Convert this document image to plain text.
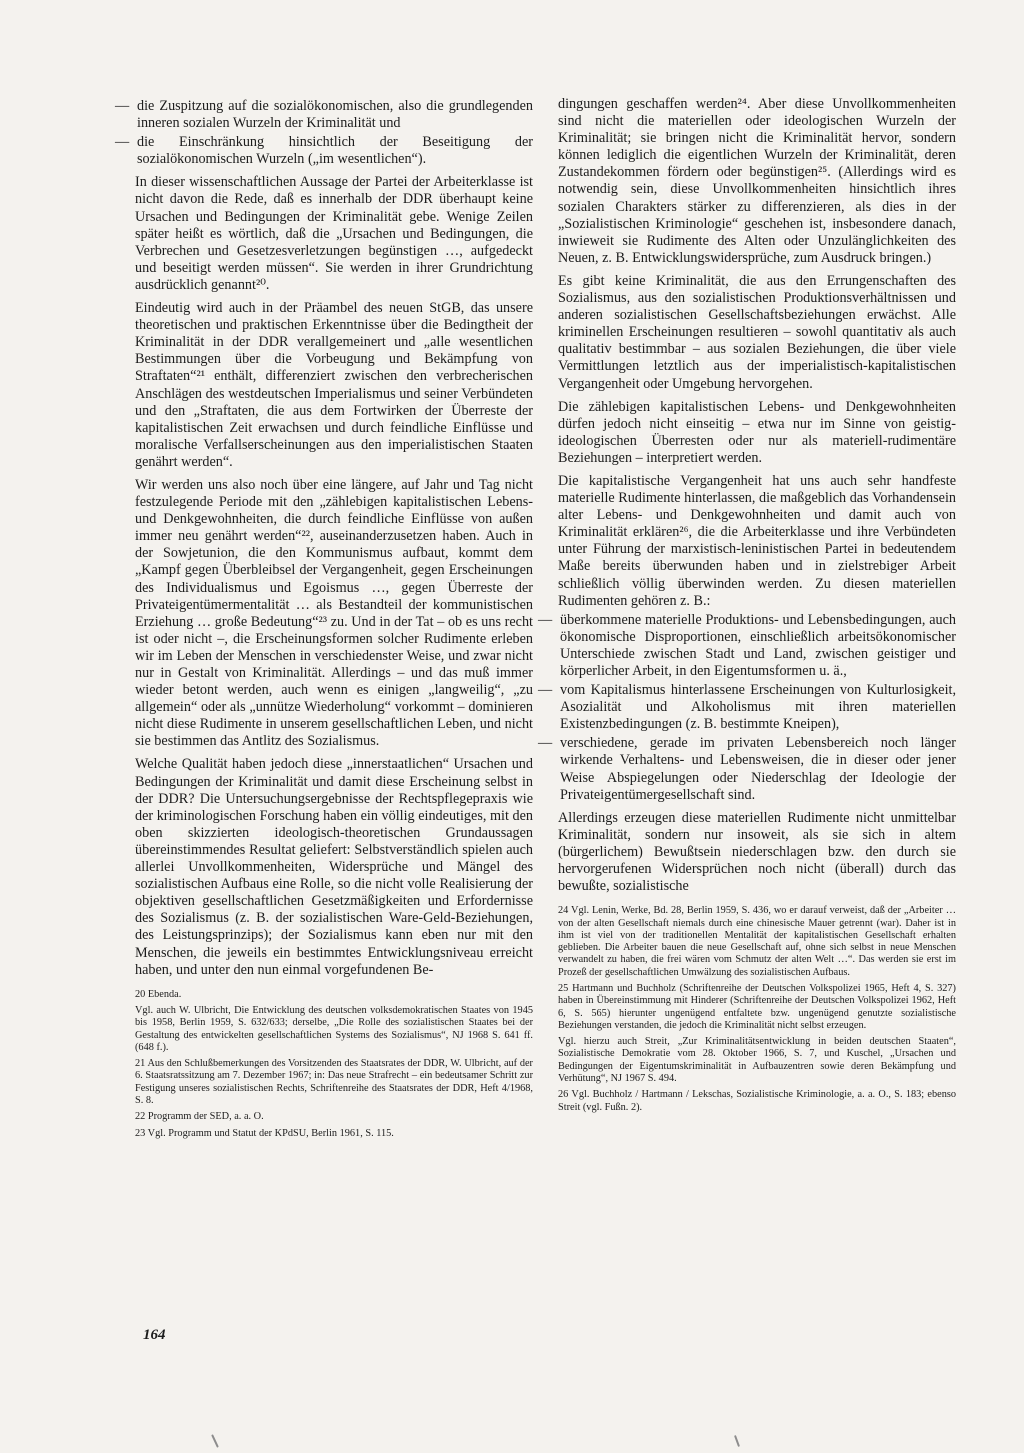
— die Zuspitzung auf die sozialökonomischen, also die grundlegenden inneren sozialen Wurzeln der Kriminalität und

— die Einschränkung hinsichtlich der Beseitigung der sozialökonomischen Wurzeln („im wesentlichen“).

In dieser wissenschaftlichen Aussage der Partei der Arbeiterklasse ist nicht davon die Rede, daß es innerhalb der DDR überhaupt keine Ursachen und Bedingungen der Kriminalität gebe. Wenige Zeilen später heißt es wörtlich, daß die „Ursachen und Bedingungen, die Verbrechen und Gesetzesverletzungen begünstigen …, aufgedeckt und beseitigt werden müssen“. Sie werden in ihrer Grundrichtung ausdrücklich genannt²⁰.

Eindeutig wird auch in der Präambel des neuen StGB, das unsere theoretischen und praktischen Erkenntnisse über die Bedingtheit der Kriminalität in der DDR verallgemeinert und „alle wesentlichen Bestimmungen über die Vorbeugung und Bekämpfung von Straftaten“²¹ enthält, differenziert zwischen den verbrecherischen Anschlägen des westdeutschen Imperialismus und seiner Verbündeten und den „Straftaten, die aus dem Fortwirken der Überreste der kapitalistischen Zeit erwachsen und durch feindliche Einflüsse und moralische Verfallserscheinungen aus den imperialistischen Staaten genährt werden“.

Wir werden uns also noch über eine längere, auf Jahr und Tag nicht festzulegende Periode mit den „zählebigen kapitalistischen Lebens- und Denkgewohnheiten, die durch feindliche Einflüsse von außen immer neu genährt werden“²², auseinanderzusetzen haben. Auch in der Sowjetunion, die den Kommunismus aufbaut, kommt dem „Kampf gegen Überbleibsel der Vergangenheit, gegen Erscheinungen des Individualismus und Egoismus …, gegen Überreste der Privateigentümermentalität … als Bestandteil der kommunistischen Erziehung … große Bedeutung“²³ zu. Und in der Tat – ob es uns recht ist oder nicht –, die Erscheinungsformen solcher Rudimente erleben wir im Leben der Menschen in verschiedenster Weise, und zwar nicht nur in Gestalt von Kriminalität. Allerdings – und das muß immer wieder betont werden, auch wenn es einigen „langweilig“, „zu allgemein“ oder als „unnütze Wiederholung“ vorkommt – dominieren nicht diese Rudimente in unserem gesellschaftlichen Leben, und nicht sie bestimmen das Antlitz des Sozialismus.

Welche Qualität haben jedoch diese „innerstaatlichen“ Ursachen und Bedingungen der Kriminalität und damit diese Erscheinung selbst in der DDR? Die Untersuchungsergebnisse der Rechtspflegepraxis wie der kriminologischen Forschung haben ein völlig eindeutiges, mit den oben skizzierten ideologisch-theoretischen Grundaussagen übereinstimmendes Resultat geliefert: Selbstverständlich spielen auch allerlei Unvollkommenheiten, Widersprüche und Mängel des sozialistischen Aufbaus eine Rolle, so die nicht volle Realisierung der objektiven gesellschaftlichen Gesetzmäßigkeiten und Erfordernisse des Sozialismus (z. B. der sozialistischen Ware-Geld-Beziehungen, des Leistungsprinzips); der Sozialismus kann eben nur mit den Menschen, die jeweils ein bestimmtes Entwicklungsniveau erreicht haben, und unter den nun einmal vorgefundenen Be-

20 Ebenda.

Vgl. auch W. Ulbricht, Die Entwicklung des deutschen volksdemokratischen Staates von 1945 bis 1958, Berlin 1959, S. 632/633; derselbe, „Die Rolle des sozialistischen Staates bei der Gestaltung des entwickelten gesellschaftlichen Systems des Sozialismus“, NJ 1968 S. 641 ff. (648 f.).

21 Aus den Schlußbemerkungen des Vorsitzenden des Staatsrates der DDR, W. Ulbricht, auf der 6. Staatsratssitzung am 7. Dezember 1967; in: Das neue Strafrecht – ein bedeutsamer Schritt zur Festigung unseres sozialistischen Rechts, Schriftenreihe des Staatsrates der DDR, Heft 4/1968, S. 8.

22 Programm der SED, a. a. O.

23 Vgl. Programm und Statut der KPdSU, Berlin 1961, S. 115.

dingungen geschaffen werden²⁴. Aber diese Unvollkommenheiten sind nicht die materiellen oder ideologischen Wurzeln der Kriminalität; sie bringen nicht die Kriminalität hervor, sondern können lediglich die eigentlichen Wurzeln der Kriminalität, deren Zustandekommen fördern oder begünstigen²⁵. (Allerdings wird es notwendig sein, diese Unvollkommenheiten hinsichtlich ihres sozialen Charakters stärker zu differenzieren, als dies in der „Sozialistischen Kriminologie“ geschehen ist, insbesondere danach, inwieweit sie Rudimente des Alten oder Unzulänglichkeiten des Neuen, z. B. Entwicklungswidersprüche, zum Ausdruck bringen.)

Es gibt keine Kriminalität, die aus den Errungenschaften des Sozialismus, aus den sozialistischen Produktionsverhältnissen und anderen sozialistischen Gesellschaftsbeziehungen erwächst. Alle kriminellen Erscheinungen resultieren – sowohl quantitativ als auch qualitativ bestimmbar – aus sozialen Beziehungen, die über viele Vermittlungen letztlich aus der imperialistisch-kapitalistischen Vergangenheit oder Umgebung hervorgehen.

Die zählebigen kapitalistischen Lebens- und Denkgewohnheiten dürfen jedoch nicht einseitig – etwa nur im Sinne von geistig-ideologischen Überresten oder nur als materiell-rudimentäre Beziehungen – interpretiert werden.

Die kapitalistische Vergangenheit hat uns auch sehr handfeste materielle Rudimente hinterlassen, die maßgeblich das Vorhandensein alter Lebens- und Denkgewohnheiten und damit auch von Kriminalität erklären²⁶, die die Arbeiterklasse und ihre Verbündeten unter Führung der marxistisch-leninistischen Partei in bedeutendem Maße bereits überwunden haben und in zielstrebiger Arbeit schließlich völlig überwinden werden. Zu diesen materiellen Rudimenten gehören z. B.:

— überkommene materielle Produktions- und Lebensbedingungen, auch ökonomische Disproportionen, einschließlich arbeitsökonomischer Unterschiede zwischen Stadt und Land, zwischen geistiger und körperlicher Arbeit, in den Eigentumsformen u. ä.,

— vom Kapitalismus hinterlassene Erscheinungen von Kulturlosigkeit, Asozialität und Alkoholismus mit ihren materiellen Existenzbedingungen (z. B. bestimmte Kneipen),

— verschiedene, gerade im privaten Lebensbereich noch länger wirkende Verhaltens- und Lebensweisen, die in dieser oder jener Weise Abspiegelungen oder Niederschlag der Ideologie der Privateigentümergesellschaft sind.

Allerdings erzeugen diese materiellen Rudimente nicht unmittelbar Kriminalität, sondern nur insoweit, als sie sich in altem (bürgerlichem) Bewußtsein niederschlagen bzw. den durch sie hervorgerufenen Widersprüchen noch nicht (überall) durch das bewußte, sozialistische

24 Vgl. Lenin, Werke, Bd. 28, Berlin 1959, S. 436, wo er darauf verweist, daß der „Arbeiter … von der alten Gesellschaft niemals durch eine chinesische Mauer getrennt (war). Daher ist in ihm ist viel von der traditionellen Mentalität der kapitalistischen Gesellschaft erhalten geblieben. Die Arbeiter bauen die neue Gesellschaft auf, ohne sich selbst in neue Menschen verwandelt zu haben, die frei wären vom Schmutz der alten Welt …“. Das werden sie erst im Prozeß der gesellschaftlichen Umwälzung des sozialistischen Aufbaus.

25 Hartmann und Buchholz (Schriftenreihe der Deutschen Volkspolizei 1965, Heft 4, S. 327) haben in Übereinstimmung mit Hinderer (Schriftenreihe der Deutschen Volkspolizei 1962, Heft 6, S. 565) hierunter ungenügend entfaltete bzw. ungenügend genutzte sozialistische Beziehungen verstanden, die jedoch die Kriminalität nicht selbst erzeugen.

Vgl. hierzu auch Streit, „Zur Kriminalitätsentwicklung in beiden deutschen Staaten“, Sozialistische Demokratie vom 28. Oktober 1966, S. 7, und Kuschel, „Ursachen und Bedingungen der Eigentumskriminalität in Aufbauzentren sowie deren Bekämpfung und Verhütung“, NJ 1967 S. 494.

26 Vgl. Buchholz / Hartmann / Lekschas, Sozialistische Kriminologie, a. a. O., S. 183; ebenso Streit (vgl. Fußn. 2).

164
